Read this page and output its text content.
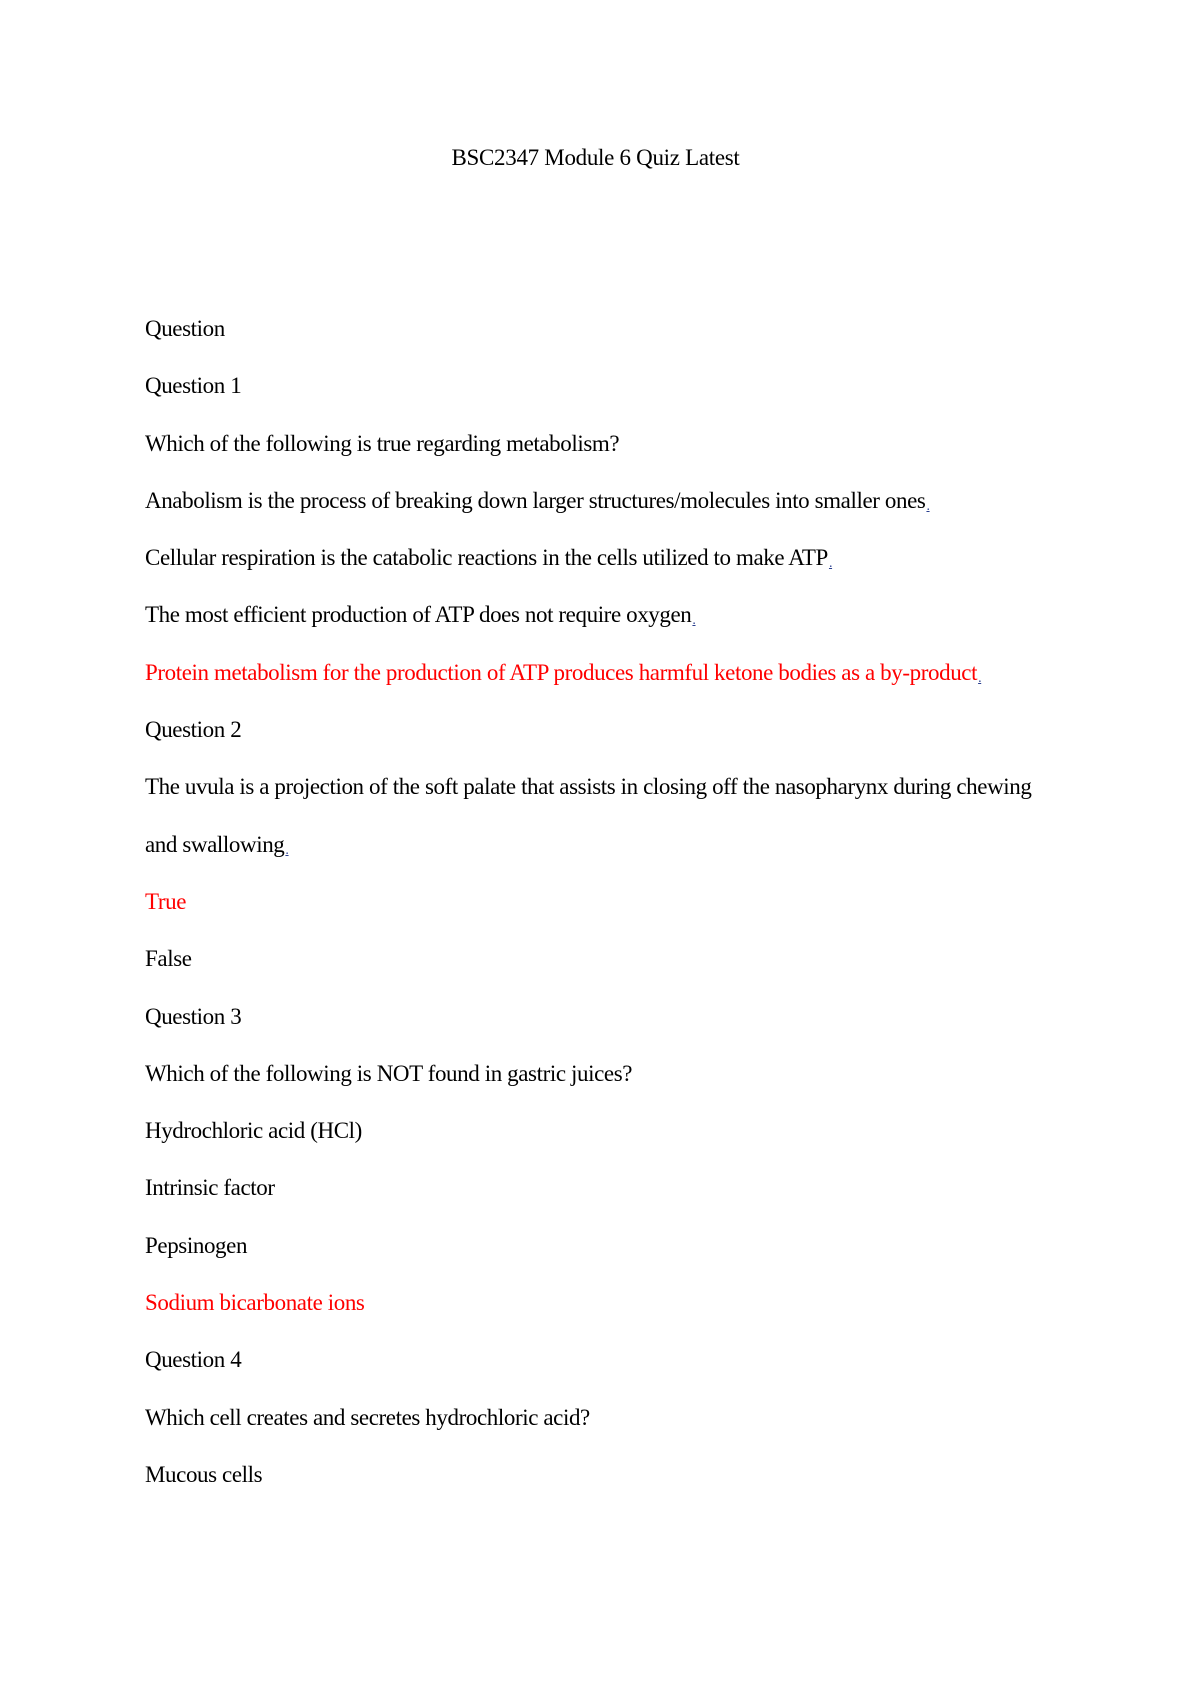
BSC2347 Module 6 Quiz Latest
Question
Question 1
Which of the following is true regarding metabolism?
Anabolism is the process of breaking down larger structures/molecules into smaller ones.
Cellular respiration is the catabolic reactions in the cells utilized to make ATP.
The most efficient production of ATP does not require oxygen.
Protein metabolism for the production of ATP produces harmful ketone bodies as a by-product.
Question 2
The uvula is a projection of the soft palate that assists in closing off the nasopharynx during chewing
and swallowing.
True
False
Question 3
Which of the following is NOT found in gastric juices?
Hydrochloric acid (HCl)
Intrinsic factor
Pepsinogen
Sodium bicarbonate ions
Question 4
Which cell creates and secretes hydrochloric acid?
Mucous cells
